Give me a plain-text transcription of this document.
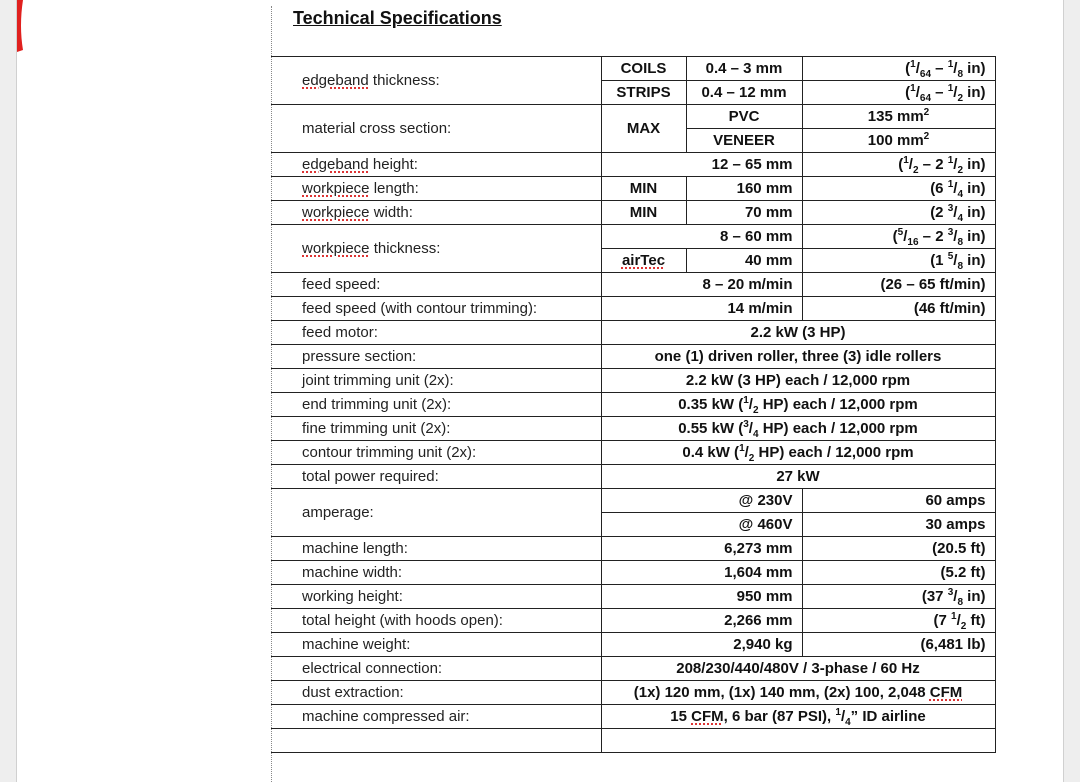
Technical Specifications
edgeband thickness:	COILS	0.4 – 3 mm	($^1/_{64} - ^1/_8$ in)
	STRIPS	0.4 – 12 mm	($^1/_{64} - ^1/_2$ in)
material cross section:	MAX	PVC	135 $mm^2$
		VENEER	100 $mm^2$
edgeband height:	12 – 65 mm		($^1/_2 - 2$ $^1/_2$ in)
workpiece length:	MIN	160 mm	(6 $^1/_4$ in)
workpiece width:	MIN	70 mm	(2 $^3/_4$ in)
workpiece thickness:	8 – 60 mm		($^5/_{16} - 2$ $^3/_8$ in)
	airTec	40 mm	(1 $^5/_8$ in)
feed speed:	8 – 20 m/min		(26 – 65 ft/min)
feed speed (with contour trimming):	14 m/min		(46 ft/min)
feed motor:	2.2 kW (3 HP)		
pressure section:	one (1) driven roller, three (3) idle rollers		
joint trimming unit (2x):	2.2 kW (3 HP) each / 12,000 rpm		
end trimming unit (2x):	0.35 kW ($^1/_2$ HP) each / 12,000 rpm		
fine trimming unit (2x):	0.55 kW ($^3/_4$ HP) each / 12,000 rpm		
contour trimming unit (2x):	0.4 kW ($^1/_2$ HP) each / 12,000 rpm		
total power required:	27 kW		
amperage:	@ 230V		60 amps
	@ 460V		30 amps
machine length:	6,273 mm		(20.5 ft)
machine width:	1,604 mm		(5.2 ft)
working height:	950 mm		(37 $^3/_8$ in)
total height (with hoods open):	2,266 mm		(7 $^1/_2$ ft)
machine weight:	2,940 kg		(6,481 lb)
electrical connection:	208/230/440/480V / 3-phase / 60 Hz		
dust extraction:	(1x) 120 mm, (1x) 140 mm, (2x) 100, 2,048 CFM		
machine compressed air:	15 CFM, 6 bar (87 PSI), $^1/_4$” ID airline		
